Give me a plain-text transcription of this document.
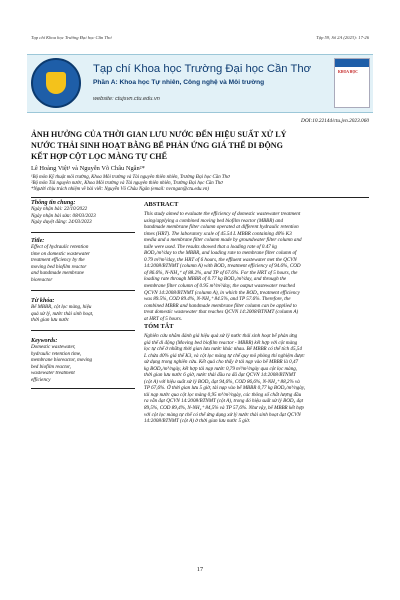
Tạp chí Khoa học Trường Đại học Cần Thơ	Tập 59, Số 2A (2023): 17-26
Tạp chí Khoa học Trường Đại học Cần Thơ
Phần A: Khoa học Tự nhiên, Công nghệ và Môi trường
website: ctujsvn.ctu.edu.vn
KHOA HỌC
DOI:10.22144/ctu.jvn.2023.060
ẢNH HƯỞNG CỦA THỜI GIAN LƯU NƯỚC ĐẾN HIỆU SUẤT XỬ LÝ
NƯỚC THẢI SINH HOẠT BẰNG BỂ PHẢN ỨNG GIÁ THỂ DI ĐỘNG
KẾT HỢP CỘT LỌC MÀNG TỰ CHẾ
Lê Hoàng Việt¹ và Nguyễn Võ Châu Ngân²*
¹Bộ môn Kỹ thuật môi trường, Khoa Môi trường và Tài nguyên thiên nhiên, Trường Đại học Cần Thơ
²Bộ môn Tài nguyên nước, Khoa Môi trường và Tài nguyên thiên nhiên, Trường Đại học Cần Thơ
*Người chịu trách nhiệm về bài viết: Nguyễn Võ Châu Ngân (email: nvcngan@ctu.edu.vn)
Thông tin chung:
Ngày nhận bài: 22/10/2022
Ngày nhận bài sửa: 08/03/2023
Ngày duyệt đăng: 24/03/2023
Title:
Effect of hydraulic retention
time on domestic wastewater
treatment efficiency by the
moving bed biofilm reactor
and handmade membrane
bioreactor
Từ khóa:
Bể MBBR, cột lọc màng, hiệu
quả xử lý, nước thải sinh hoạt,
thời gian lưu nước
Keywords:
Domestic wastewater,
hydraulic retention time,
membrane bioreactor, moving
bed biofilm reactor,
wastewater treatment
efficiency
ABSTRACT
This study aimed to evaluate the efficiency of domestic wastewater treatment
using/applying a combined moving bed biofilm reactor (MBBR) and
handmade membrane filter column operated at different hydraulic retention
times (HRT). The laboratory scale of 45.54 L MBBR containing 40% K3
media and a membrane filter column made by groundwater filter column and
tulle were used. The results showed that a loading rate of 0.47 kg
BOD₅/m³/day to the MBBR, and loading rate to membrane filter column of
0.79 m³/m²/day, the HRT of 6 hours, the effluent wastewater met the QCVN
14:2008/BTNMT (column A) with BOD₅ treatment efficiency of 94.6%, COD
of 86.6%, N-NH₄⁺ of 88.2%, and TP of 67.6%. For the HRT of 5 hours, the
loading rate through MBBR of 0.77 kg BOD₅/m³/day, and through the
membrane filter column of 0.95 m³/m²/day, the output wastewater reached
QCVN 14:2008/BTNMT (column A), in which the BOD₅ treatment efficiency
was 89.5%, COD 89.4%, N-NH₄⁺ 84.5%, and TP 57.6%. Therefore, the
combined MBBR and handmade membrane filter column can be applied to
treat domestic wastewater that reaches QCVN 14:2008/BTNMT (column A)
at HRT of 5 hours.
TÓM TẮT
Nghiên cứu nhằm đánh giá hiệu quả xử lý nước thải sinh hoạt bể phản ứng
giá thể di động (Moving bed biofilm reactor - MBBR) kết hợp với cột màng
lọc tự chế ở những thời gian lưu nước khác nhau. Bể MBBR có thể tích 45,54
L chứa 40% giá thể K3, và cột lọc màng tự chế quy mô phòng thí nghiệm được
sử dụng trong nghiên cứu. Kết quả cho thấy ở tải nạp vào bể MBBR là 0,47
kg BOD₅/m³/ngày, kết hợp tải nạp nước 0,79 m³/m²/ngày qua cột lọc màng,
thời gian lưu nước 6 giờ, nước thải đầu ra đã đạt QCVN 14:2008/BTNMT
(cột A) với hiệu suất xử lý BOD₅ đạt 94,6%, COD 86,6%, N-NH₄⁺ 88,2% và
TP 67,6%. Ở thời gian lưu 5 giờ, tải nạp vào bể MBBR 0,77 kg BOD₅/m³/ngày,
tải nạp nước qua cột lọc màng 0,95 m³/m²/ngày, các thông số chất lượng đầu
ra vẫn đạt QCVN 14:2008/BTNMT (cột A), trong đó hiệu suất xử lý BOD₅ đạt
89,5%, COD 89,4%, N-NH₄⁺ 84,5% và TP 57,6%. Như vậy, bể MBBR kết hợp
với cột lọc màng tự chế có thể ứng dụng xử lý nước thải sinh hoạt đạt QCVN
14:2008/BTNMT (cột A) ở thời gian lưu nước 5 giờ.
17
